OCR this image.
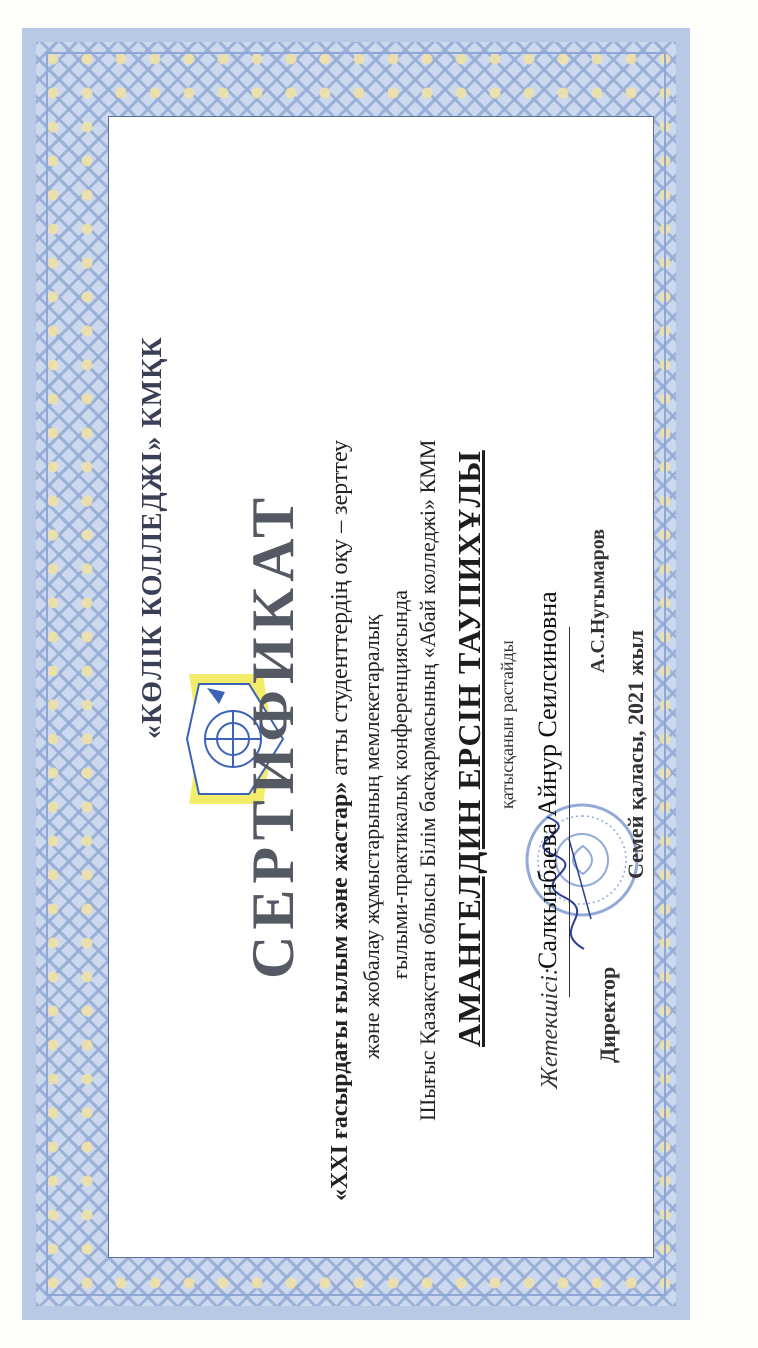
«КӨЛІК КОЛЛЕДЖІ» КМҚК СЕРТИФИКАТ
«XXI ғасырдағы ғылым және жастар» атты студенттердің оқу – зерттеу
және жобалау жұмыстарының мемлекетаралық ғылыми-практикалық конференциясында Шығыс Қазақстан облысы Білім басқармасының «Абай колледжі» КММ АМАНГЕЛДИН ЕРСІН ТАУПИХҰЛЫ қатысқанын растайды
Жетекшісі:
Салкынбаева Айнур Сеилсиновна
Директор
А.С.Нугымаров
Семей қаласы, 2021 жыл
